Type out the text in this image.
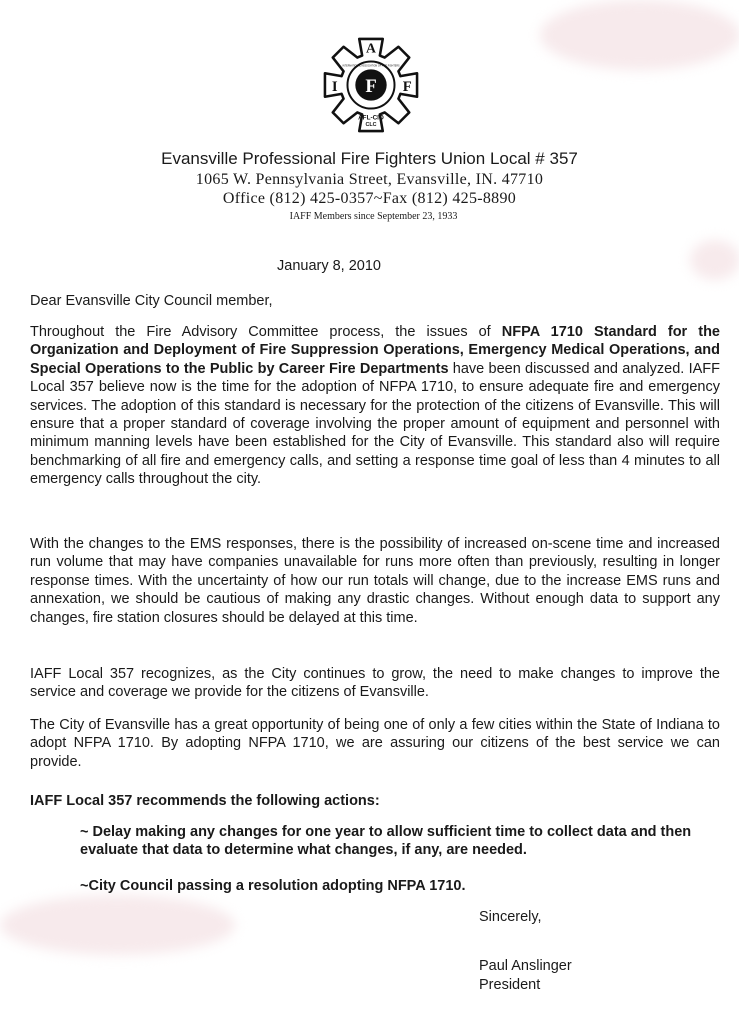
A
I F F
INTERNATIONAL ASSOCIATION OF FIRE FIGHTERS
AFL-CIO
CLC
Evansville Professional Fire Fighters Union Local # 357
1065 W. Pennsylvania Street, Evansville, IN. 47710
Office (812) 425-0357~Fax (812) 425-8890
IAFF Members since September 23, 1933
January 8, 2010
Dear Evansville City Council member,
Throughout the Fire Advisory Committee process, the issues of NFPA 1710 Standard for the Organization and Deployment of Fire Suppression Operations, Emergency Medical Operations, and Special Operations to the Public by Career Fire Departments have been discussed and analyzed. IAFF Local 357 believe now is the time for the adoption of NFPA 1710, to ensure adequate fire and emergency services. The adoption of this standard is necessary for the protection of the citizens of Evansville. This will ensure that a proper standard of coverage involving the proper amount of equipment and personnel with minimum manning levels have been established for the City of Evansville. This standard also will require benchmarking of all fire and emergency calls, and setting a response time goal of less than 4 minutes to all emergency calls throughout the city.
With the changes to the EMS responses, there is the possibility of increased on-scene time and increased run volume that may have companies unavailable for runs more often than previously, resulting in longer response times. With the uncertainty of how our run totals will change, due to the increase EMS runs and annexation, we should be cautious of making any drastic changes. Without enough data to support any changes, fire station closures should be delayed at this time.
IAFF Local 357 recognizes, as the City continues to grow, the need to make changes to improve the service and coverage we provide for the citizens of Evansville.
The City of Evansville has a great opportunity of being one of only a few cities within the State of Indiana to adopt NFPA 1710. By adopting NFPA 1710, we are assuring our citizens of the best service we can provide.
IAFF Local 357 recommends the following actions:
~ Delay making any changes for one year to allow sufficient time to collect data and then evaluate that data to determine what changes, if any, are needed.
~City Council passing a resolution adopting NFPA 1710.
Sincerely,
Paul Anslinger
President
